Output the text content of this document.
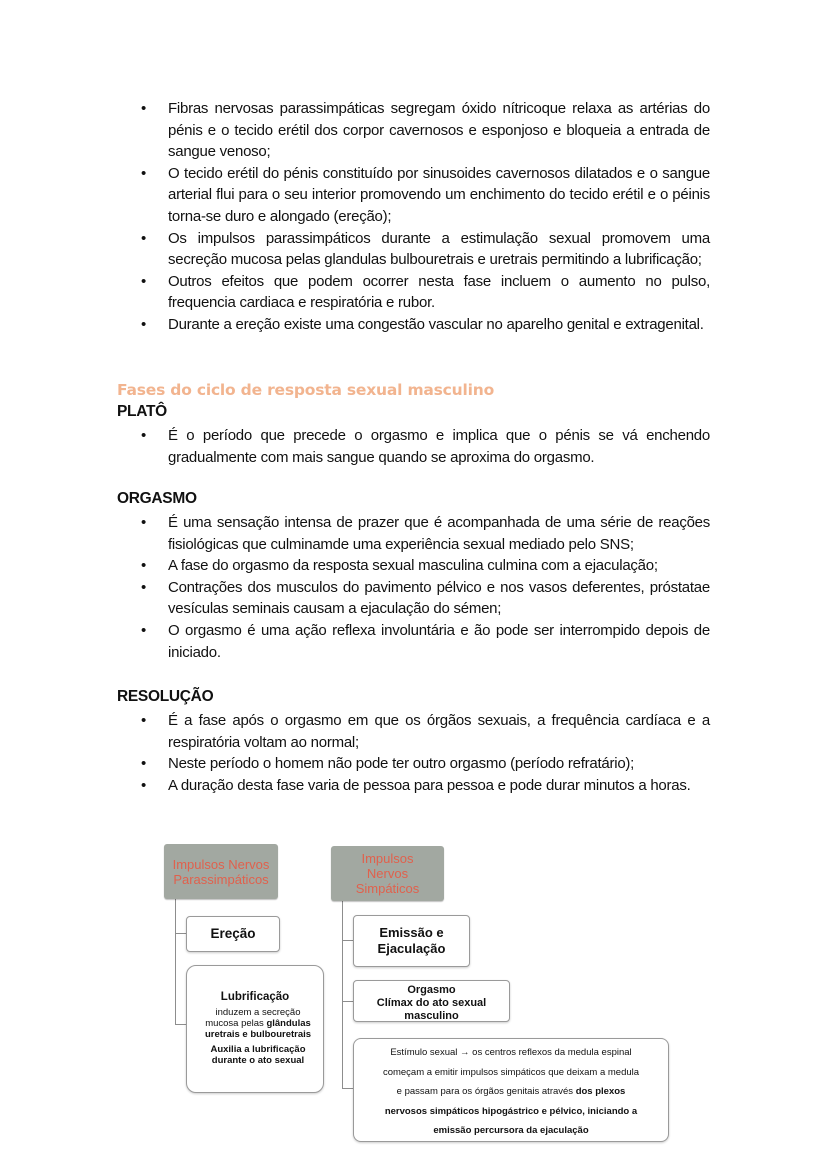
• Fibras nervosas parassimpáticas segregam óxido nítricoque relaxa as artérias do pénis e o tecido erétil dos corpor cavernosos e esponjoso e bloqueia a entrada de sangue venoso;
• O tecido erétil do pénis constituído por sinusoides cavernosos dilatados e o sangue arterial flui para o seu interior promovendo um enchimento do tecido erétil e o péinis torna-se duro e alongado (ereção);
• Os impulsos parassimpáticos durante a estimulação sexual promovem uma secreção mucosa pelas glandulas bulbouretrais e uretrais permitindo a lubrificação;
• Outros efeitos que podem ocorrer nesta fase incluem o aumento no pulso, frequencia cardiaca e respiratória e rubor.
• Durante a ereção existe uma congestão vascular no aparelho genital e extragenital.
Fases do ciclo de resposta sexual masculino
PLATÔ
• É o período que precede o orgasmo e implica que o pénis se vá enchendo gradualmente com mais sangue quando se aproxima do orgasmo.
ORGASMO
• É uma sensação intensa de prazer que é acompanhada de uma série de reações fisiológicas que culminamde uma experiência sexual mediado pelo SNS;
• A fase do orgasmo da resposta sexual masculina culmina com a ejaculação;
• Contrações dos musculos do pavimento pélvico e nos vasos deferentes, próstatae vesículas seminais causam a ejaculação do sémen;
• O orgasmo é uma ação reflexa involuntária e ão pode ser interrompido depois de iniciado.
RESOLUÇÃO
• É a fase após o orgasmo em que os órgãos sexuais, a frequência cardíaca e a respiratória voltam ao normal;
• Neste período o homem não pode ter outro orgasmo (período refratário);
• A duração desta fase varia de pessoa para pessoa e pode durar minutos a horas.
Impulsos Nervos Parassimpáticos
Impulsos Nervos Simpáticos
Ereção
Lubrificação
induzem a secreção
mucosa pelas glândulas
uretrais e bulbouretrais
Auxilia a lubrificação
durante o ato sexual
Emissão e Ejaculação
Orgasmo
Clímax do ato sexual
masculino
Estímulo sexual → os centros reflexos da medula espinal
começam a emitir impulsos simpáticos que deixam a medula
e passam para os órgãos genitais através dos plexos
nervosos simpáticos hipogástrico e pélvico, iniciando a
emissão percursora da ejaculação
